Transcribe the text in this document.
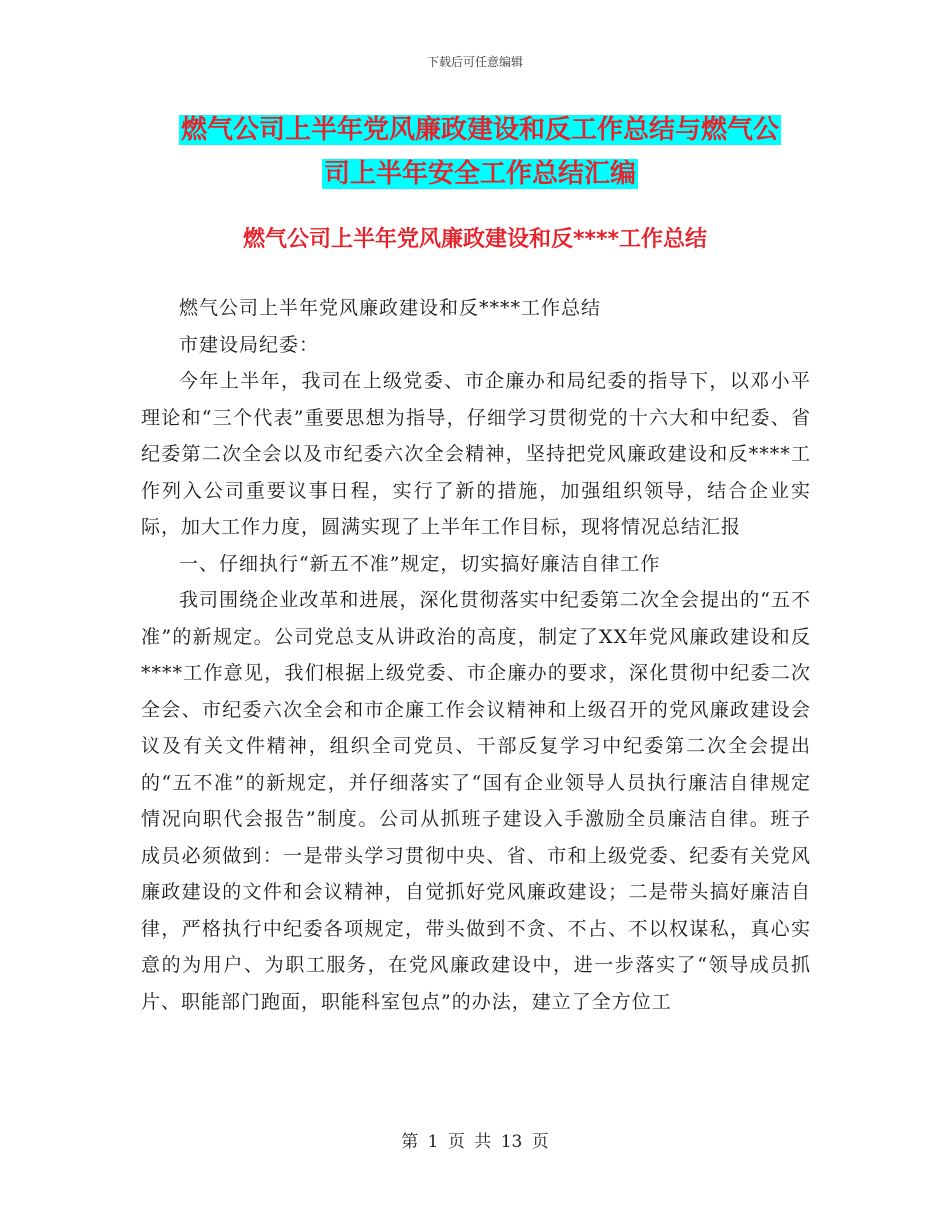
下载后可任意编辑
燃气公司上半年党风廉政建设和反工作总结与燃气公
司上半年安全工作总结汇编
燃气公司上半年党风廉政建设和反****工作总结

燃气公司上半年党风廉政建设和反****工作总结

市建设局纪委：

今年上半年，我司在上级党委、市企廉办和局纪委的指导下，以邓小平理论和“三个代表”重要思想为指导，仔细学习贯彻党的十六大和中纪委、省纪委第二次全会以及市纪委六次全会精神，坚持把党风廉政建设和反****工作列入公司重要议事日程，实行了新的措施，加强组织领导，结合企业实际，加大工作力度，圆满实现了上半年工作目标，现将情况总结汇报

一、仔细执行“新五不准”规定，切实搞好廉洁自律工作

我司围绕企业改革和进展，深化贯彻落实中纪委第二次全会提出的“五不准”的新规定。公司党总支从讲政治的高度，制定了XX年党风廉政建设和反****工作意见，我们根据上级党委、市企廉办的要求，深化贯彻中纪委二次全会、市纪委六次全会和市企廉工作会议精神和上级召开的党风廉政建设会议及有关文件精神，组织全司党员、干部反复学习中纪委第二次全会提出的“五不准”的新规定，并仔细落实了“国有企业领导人员执行廉洁自律规定情况向职代会报告”制度。公司从抓班子建设入手激励全员廉洁自律。班子成员必须做到：一是带头学习贯彻中央、省、市和上级党委、纪委有关党风廉政建设的文件和会议精神，自觉抓好党风廉政建设；二是带头搞好廉洁自律，严格执行中纪委各项规定，带头做到不贪、不占、不以权谋私，真心实意的为用户、为职工服务，在党风廉政建设中，进一步落实了“领导成员抓片、职能部门跑面，职能科室包点”的办法，建立了全方位工

第 1 页 共 13 页
